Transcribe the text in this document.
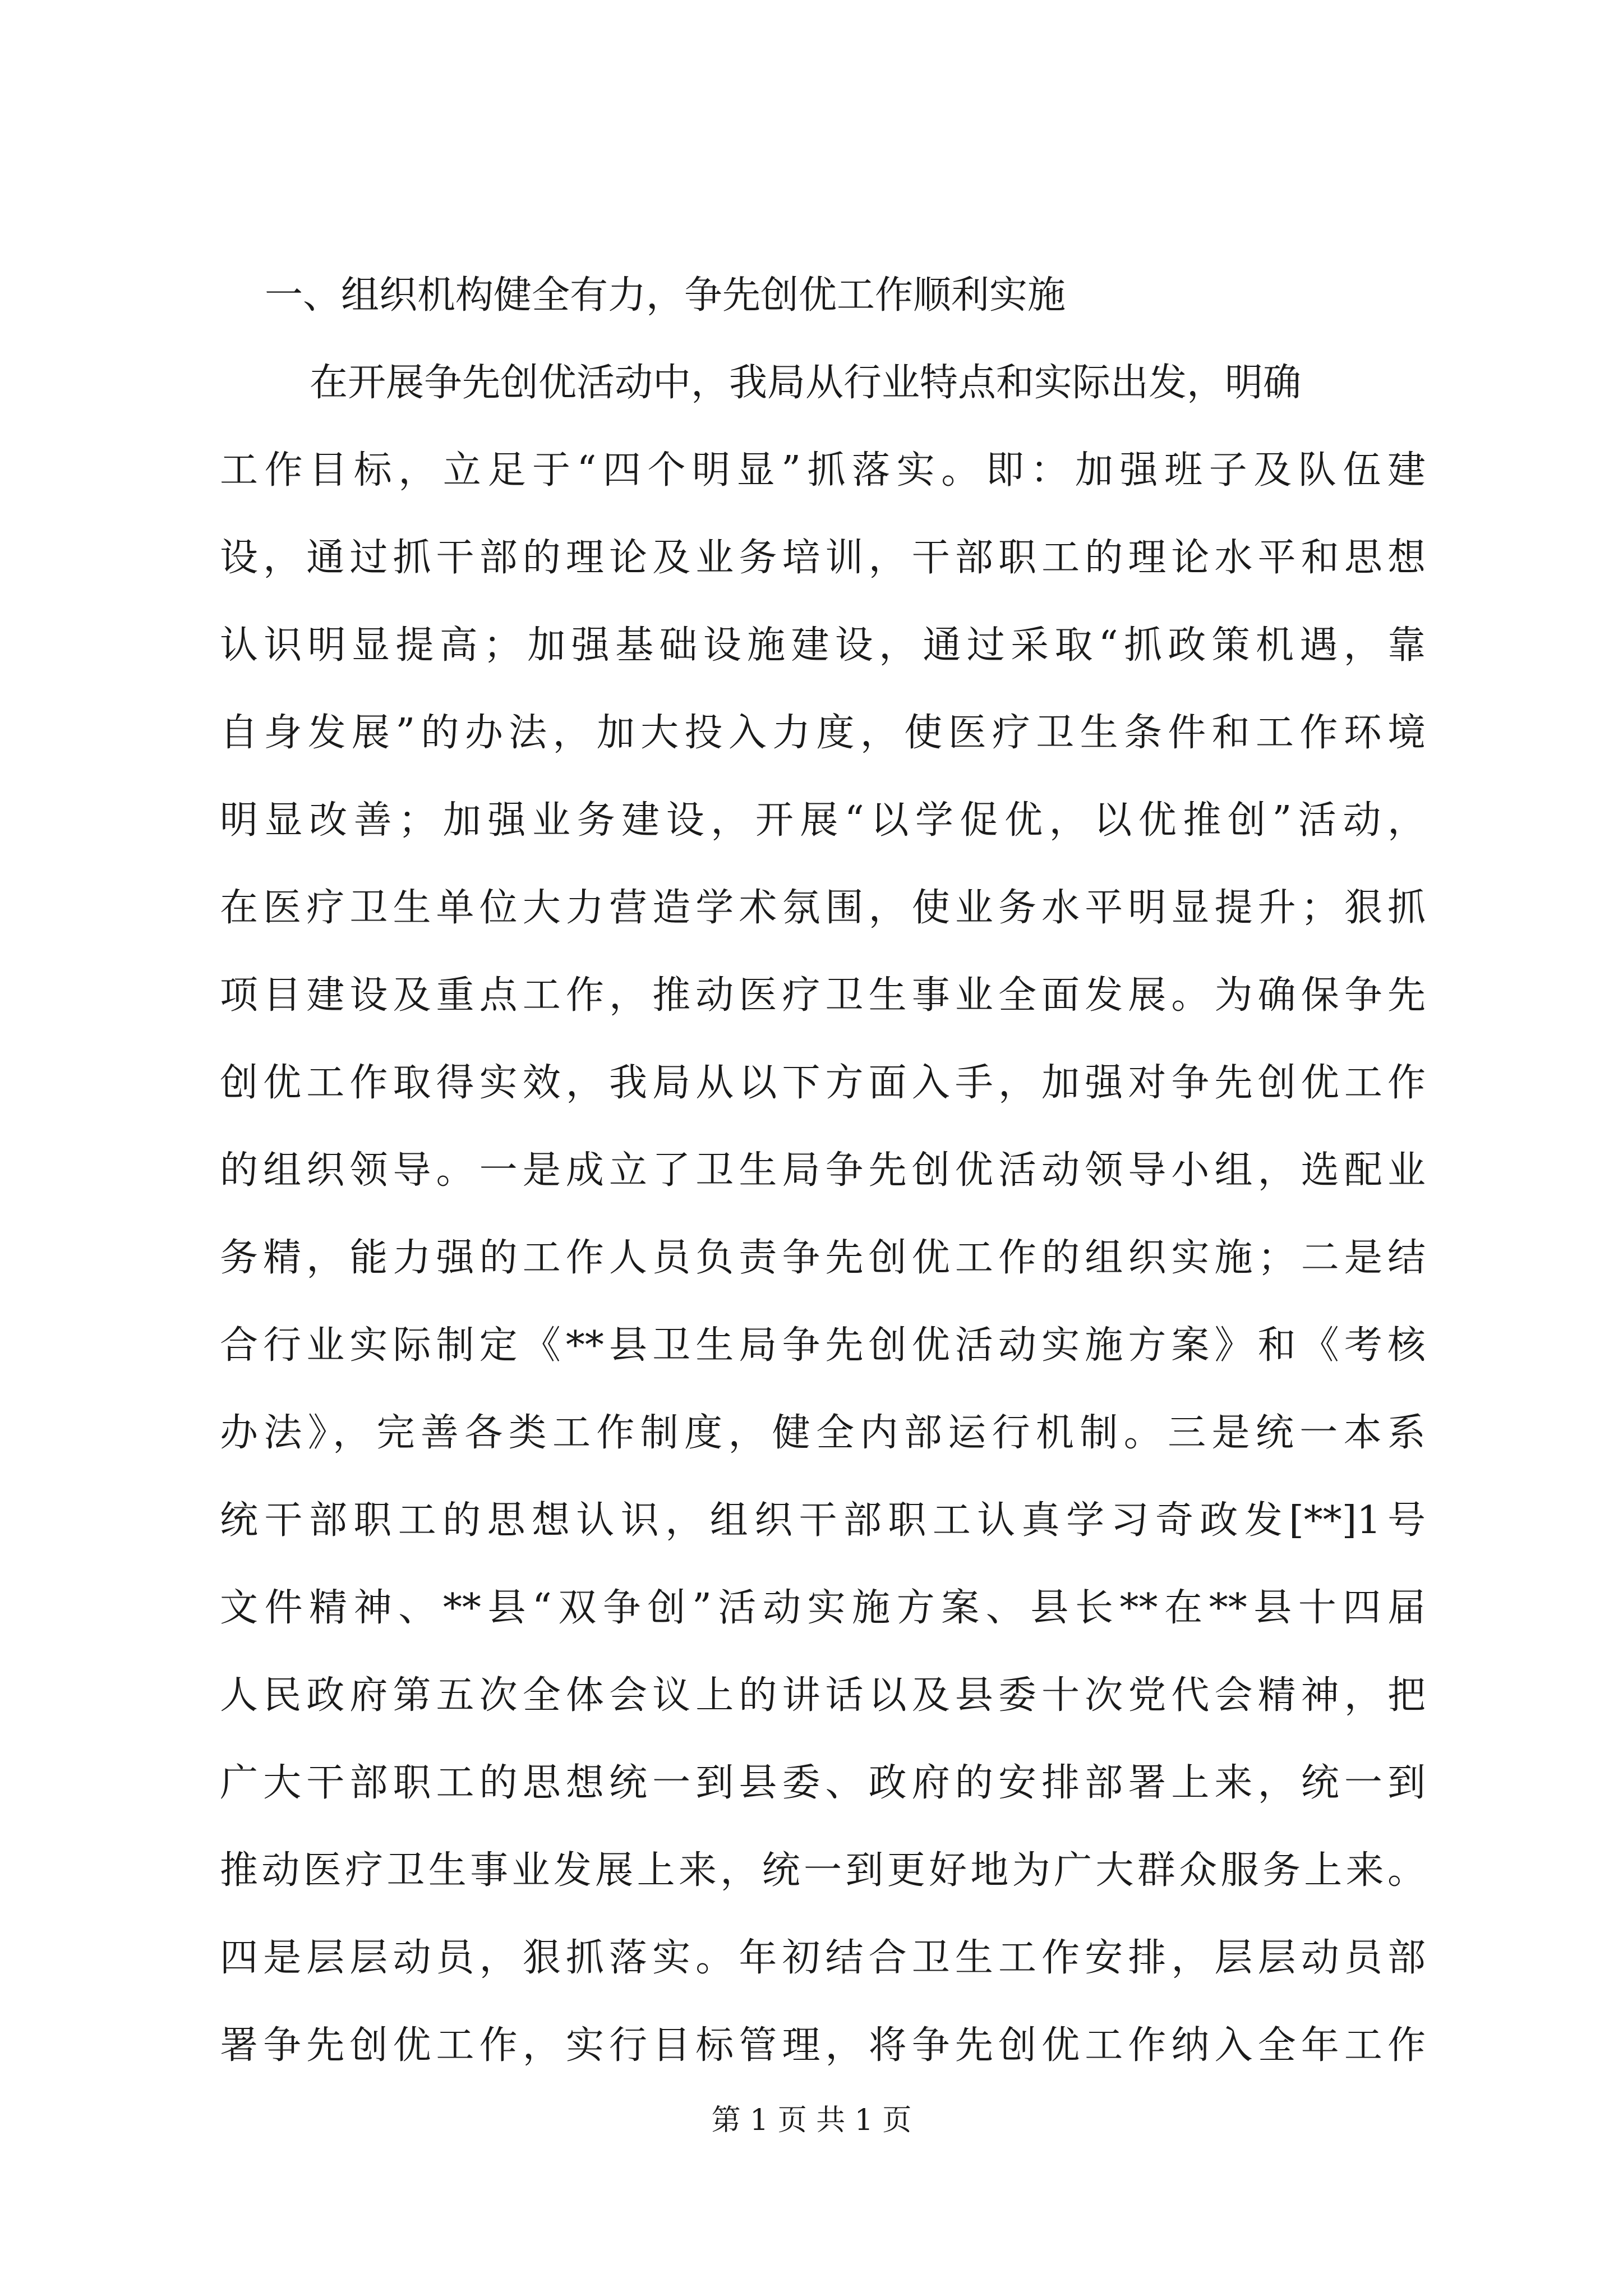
一、组织机构健全有力，争先创优工作顺利实施
在开展争先创优活动中，我局从行业特点和实际出发，明确
工作目标，立足于“四个明显”抓落实。即：加强班子及队伍建
设，通过抓干部的理论及业务培训，干部职工的理论水平和思想
认识明显提高；加强基础设施建设，通过采取“抓政策机遇，靠
自身发展”的办法，加大投入力度，使医疗卫生条件和工作环境
明显改善；加强业务建设，开展“以学促优，以优推创”活动，
在医疗卫生单位大力营造学术氛围，使业务水平明显提升；狠抓
项目建设及重点工作，推动医疗卫生事业全面发展。为确保争先
创优工作取得实效，我局从以下方面入手，加强对争先创优工作
的组织领导。一是成立了卫生局争先创优活动领导小组，选配业
务精，能力强的工作人员负责争先创优工作的组织实施；二是结
合行业实际制定《**县卫生局争先创优活动实施方案》和《考核
办法》，完善各类工作制度，健全内部运行机制。三是统一本系
统干部职工的思想认识，组织干部职工认真学习奇政发[**]1号
文件精神、**县“双争创”活动实施方案、县长**在**县十四届
人民政府第五次全体会议上的讲话以及县委十次党代会精神，把
广大干部职工的思想统一到县委、政府的安排部署上来，统一到
推动医疗卫生事业发展上来，统一到更好地为广大群众服务上来。
四是层层动员，狠抓落实。年初结合卫生工作安排，层层动员部
署争先创优工作，实行目标管理，将争先创优工作纳入全年工作
第 1 页 共 1 页
